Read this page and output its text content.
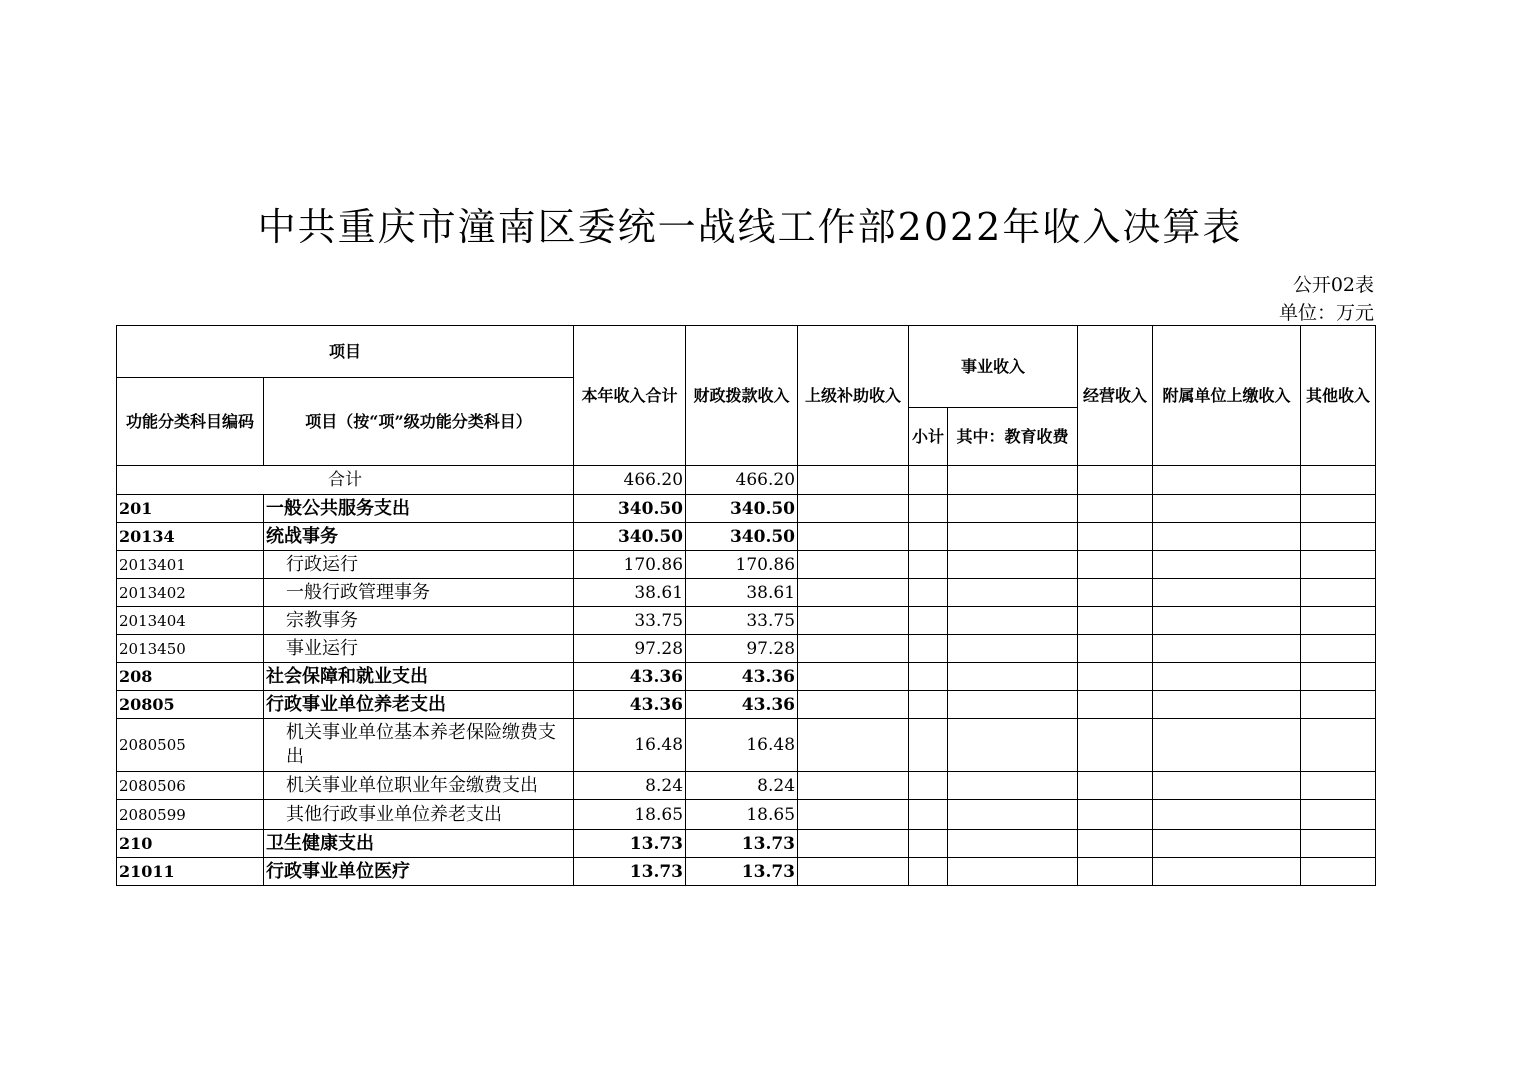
中共重庆市潼南区委统一战线工作部2022年收入决算表
公开02表
单位：万元
项目		本年收入合计	财政拨款收入	上级补助收入	事业收入		经营收入	附属单位上缴收入	其他收入
功能分类科目编码	项目（按“项”级功能分类科目）								
					小计	其中：教育收费			
合计		466.20	466.20						
201	一般公共服务支出	340.50	340.50						
20134	统战事务	340.50	340.50						
2013401	行政运行	170.86	170.86						
2013402	一般行政管理事务	38.61	38.61						
2013404	宗教事务	33.75	33.75						
2013450	事业运行	97.28	97.28						
208	社会保障和就业支出	43.36	43.36						
20805	行政事业单位养老支出	43.36	43.36						
2080505	机关事业单位基本养老保险缴费支出	16.48	16.48						
2080506	机关事业单位职业年金缴费支出	8.24	8.24						
2080599	其他行政事业单位养老支出	18.65	18.65						
210	卫生健康支出	13.73	13.73						
21011	行政事业单位医疗	13.73	13.73						
